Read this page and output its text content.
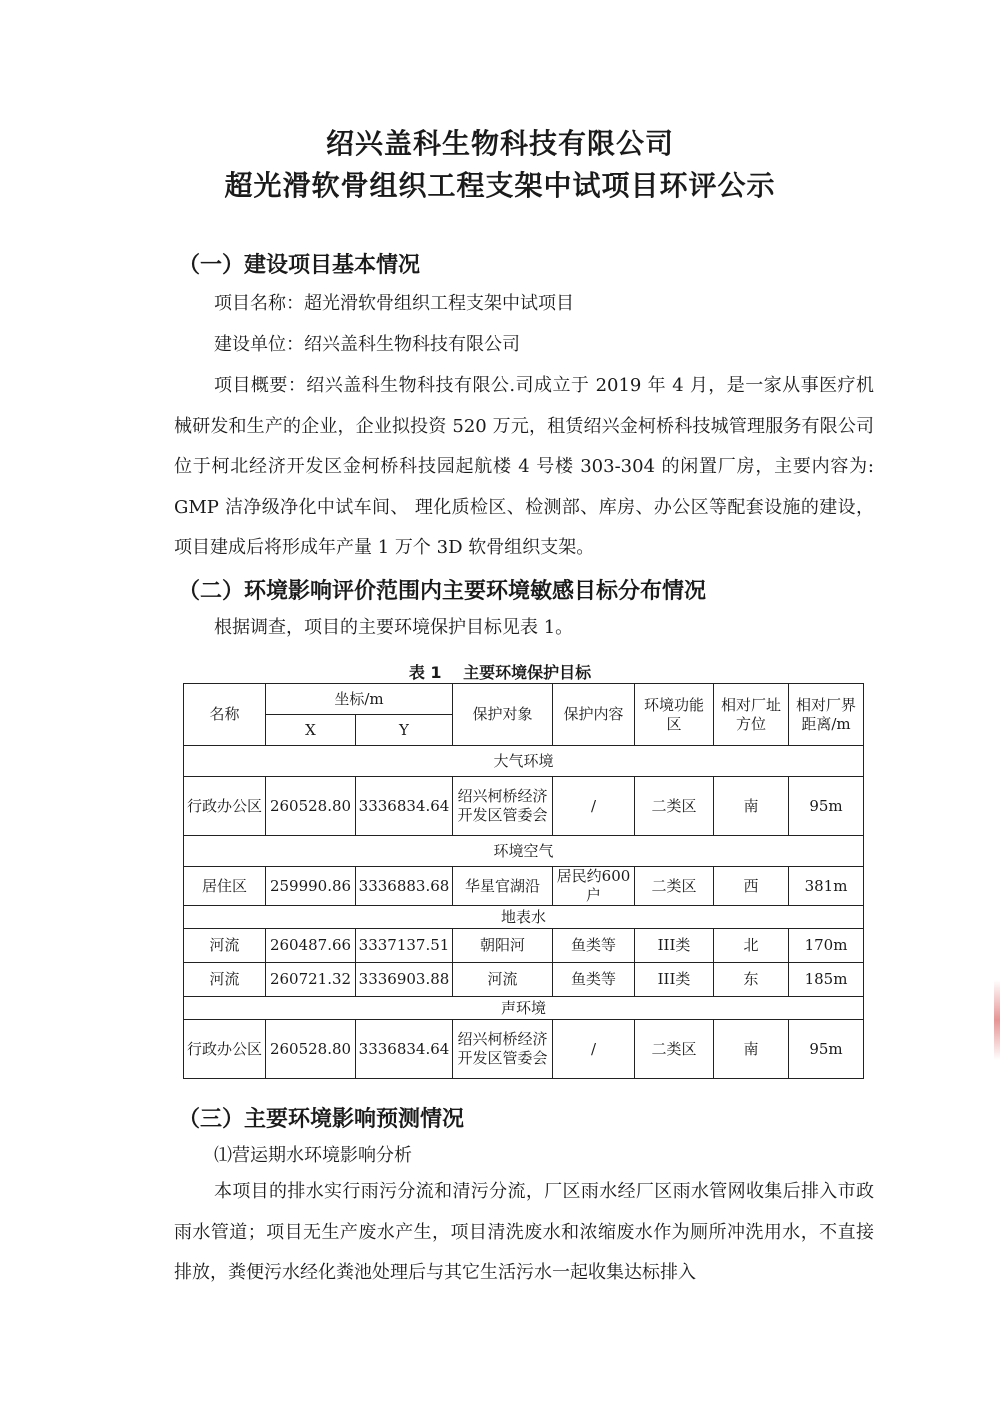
绍兴盖科生物科技有限公司
超光滑软骨组织工程支架中试项目环评公示
（一）建设项目基本情况
项目名称：超光滑软骨组织工程支架中试项目
建设单位：绍兴盖科生物科技有限公司
项目概要：绍兴盖科生物科技有限公.司成立于 2019 年 4 月，是一家从事医疗机械研发和生产的企业，企业拟投资 520 万元，租赁绍兴金柯桥科技城管理服务有限公司位于柯北经济开发区金柯桥科技园起航楼 4 号楼 303-304 的闲置厂房，主要内容为: GMP 洁净级净化中试车间、 理化质检区、检测部、库房、办公区等配套设施的建设，项目建成后将形成年产量 1 万个 3D 软骨组织支架。
（二）环境影响评价范围内主要环境敏感目标分布情况
根据调查，项目的主要环境保护目标见表 1。
表 1　 主要环境保护目标
名称	坐标/m		保护对象	保护内容	环境功能区	相对厂址方位	相对厂界距离/m
	X	Y					
大气环境							
行政办公区	260528.80	3336834.64	绍兴柯桥经济开发区管委会	/	二类区	南	95m
环境空气							
居住区	259990.86	3336883.68	华星官湖沿	居民约600户	二类区	西	381m
地表水							
河流	260487.66	3337137.51	朝阳河	鱼类等	III类	北	170m
河流	260721.32	3336903.88	河流	鱼类等	III类	东	185m
声环境							
行政办公区	260528.80	3336834.64	绍兴柯桥经济开发区管委会	/	二类区	南	95m
（三）主要环境影响预测情况
⑴营运期水环境影响分析
本项目的排水实行雨污分流和清污分流，厂区雨水经厂区雨水管网收集后排入市政雨水管道；项目无生产废水产生，项目清洗废水和浓缩废水作为厕所冲洗用水，不直接排放，粪便污水经化粪池处理后与其它生活污水一起收集达标排入
